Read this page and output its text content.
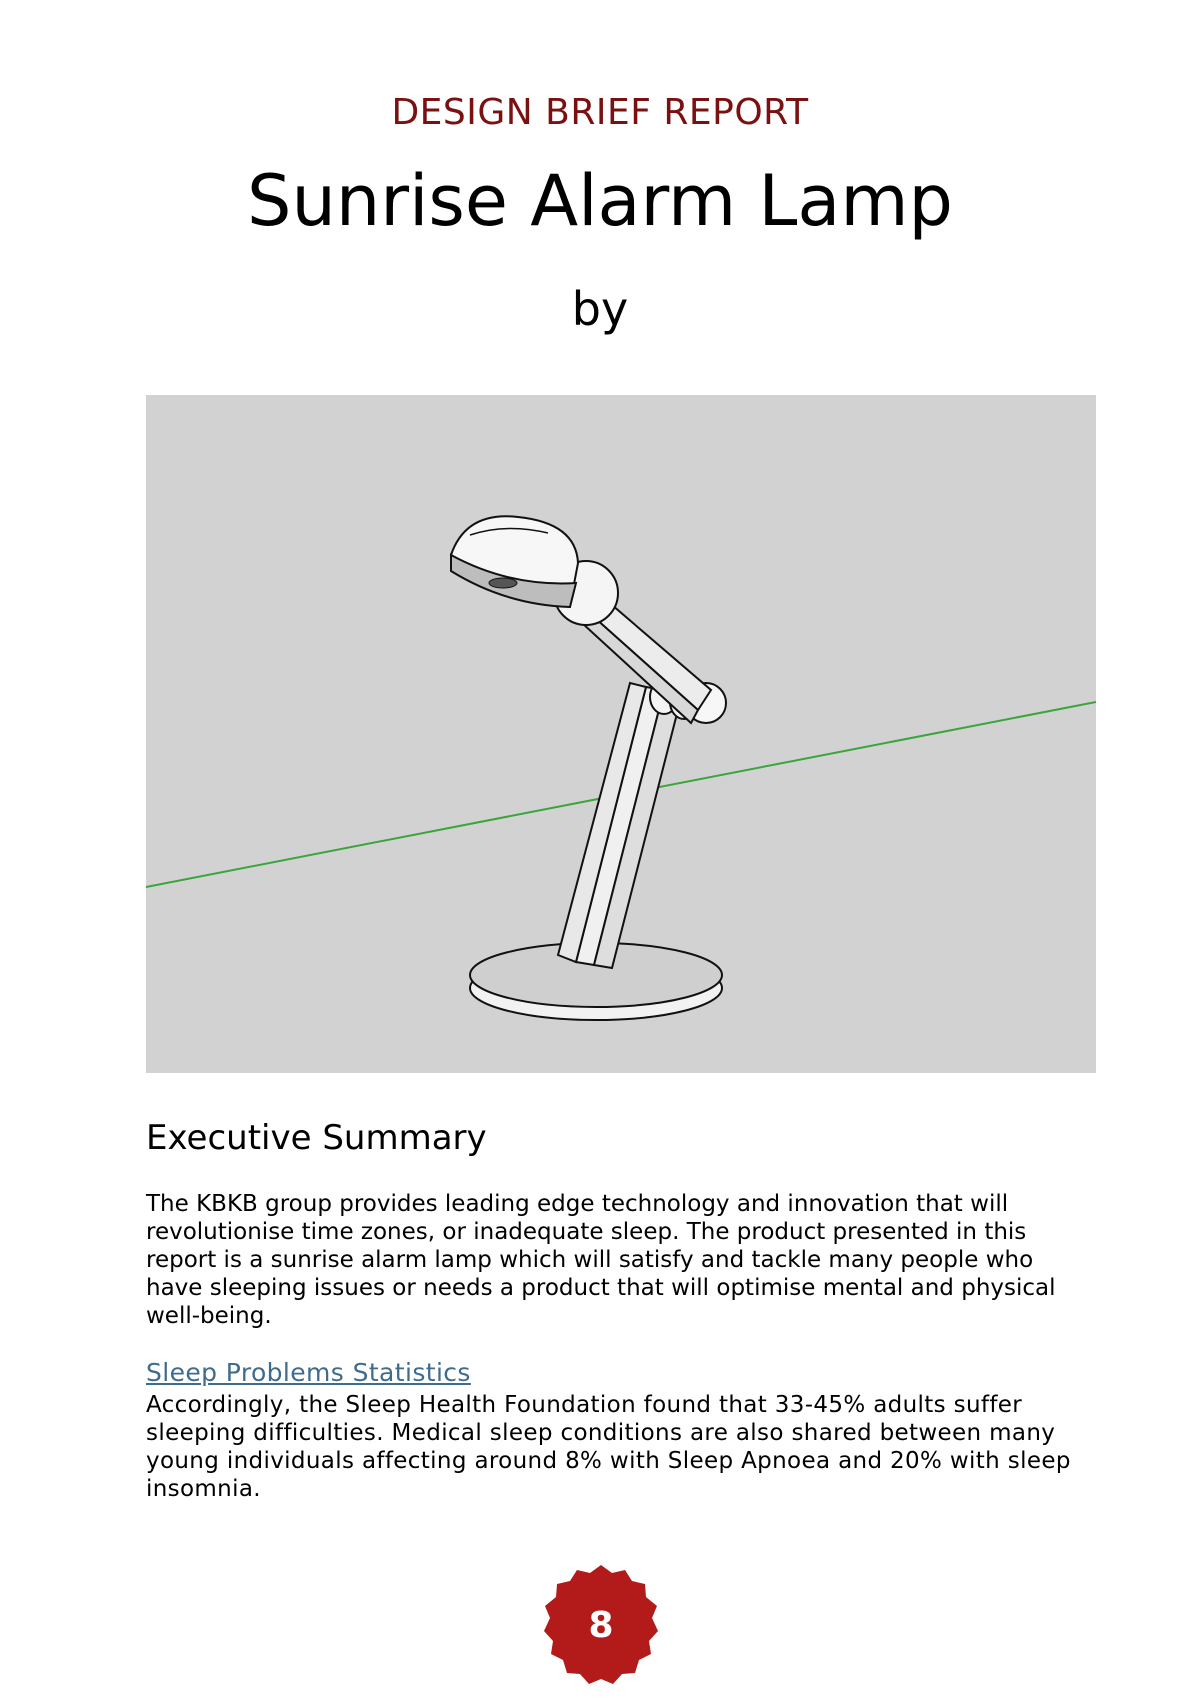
DESIGN BRIEF REPORT
Sunrise Alarm Lamp
by
Executive Summary

The KBKB group provides leading edge technology and innovation that will revolutionise time zones, or inadequate sleep. The product presented in this report is a sunrise alarm lamp which will satisfy and tackle many people who have sleeping issues or needs a product that will optimise mental and physical well-being.

Sleep Problems Statistics

Accordingly, the Sleep Health Foundation found that 33-45% adults suffer sleeping difficulties. Medical sleep conditions are also shared between many young individuals affecting around 8% with Sleep Apnoea and 20% with sleep insomnia.

8
